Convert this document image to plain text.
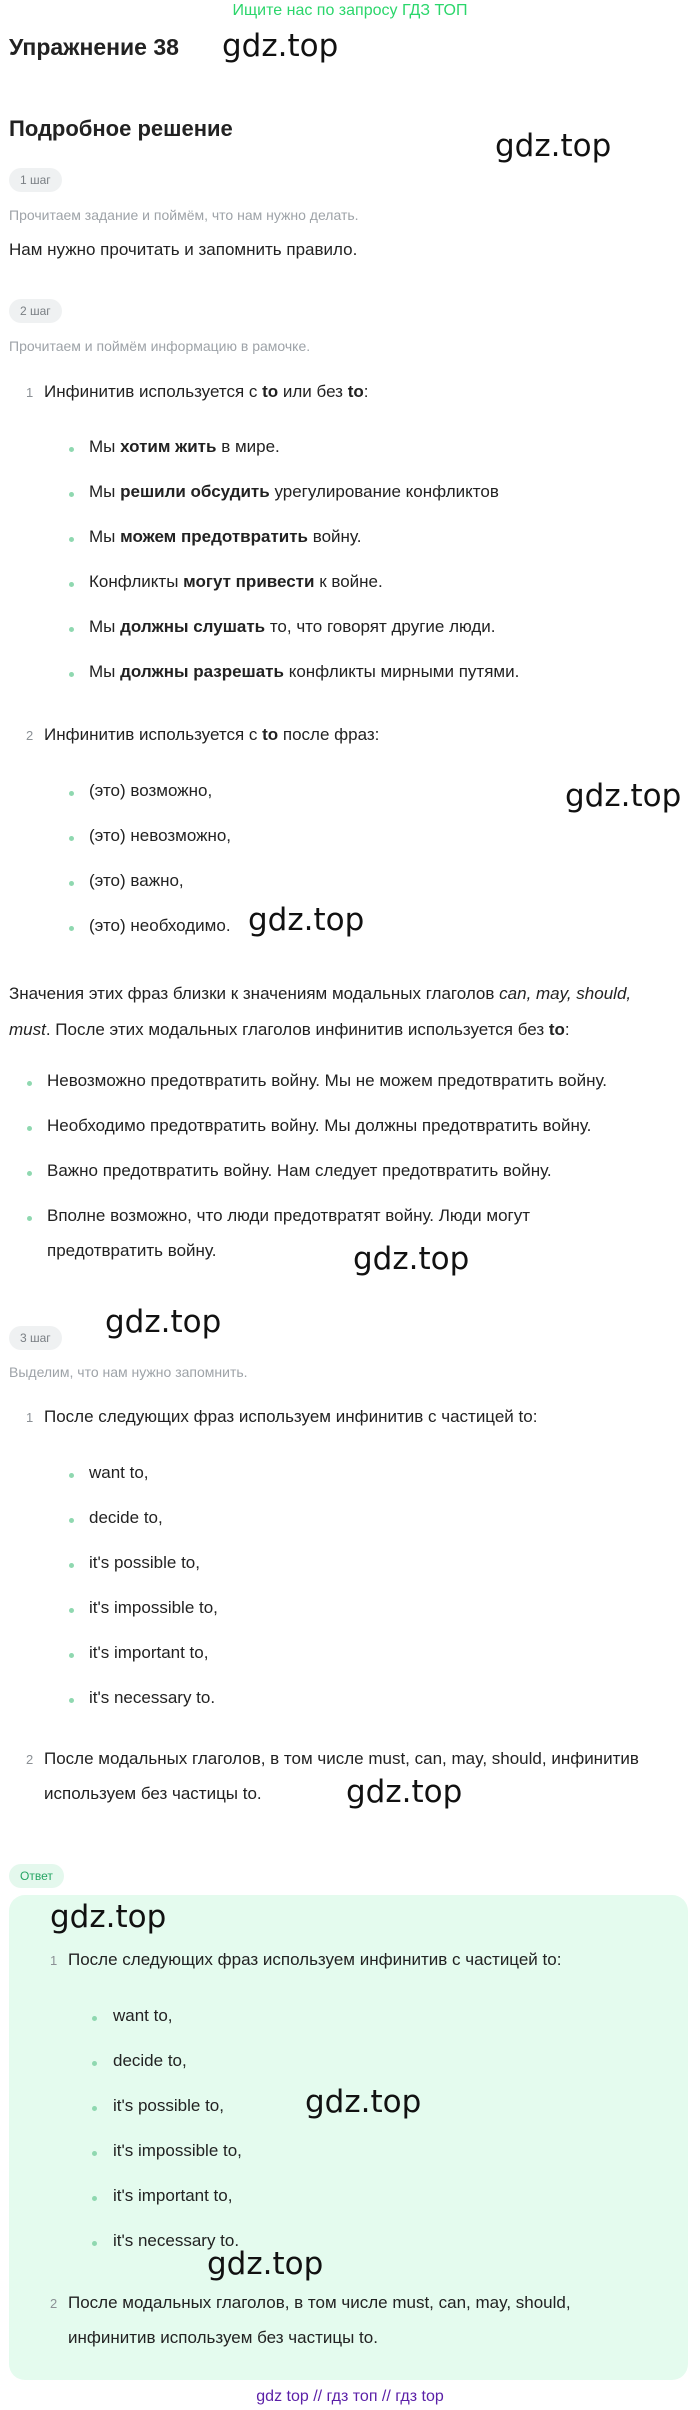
Ищите нас по запросу ГДЗ ТОП
Упражнение 38 gdz.top
Подробное решение	gdz.top
1 шаг
Прочитаем задание и поймём, что нам нужно делать.
Нам нужно прочитать и запомнить правило.
2 шаг
Прочитаем и поймём информацию в рамочке.
1 Инфинитив используется с to или без to:
Мы хотим жить в мире.
Мы решили обсудить урегулирование конфликтов
Мы можем предотвратить войну.
Конфликты могут привести к войне.
Мы должны слушать то, что говорят другие люди.
Мы должны разрешать конфликты мирными путями.
2 Инфинитив используется с to после фраз:
(это) возможно,	gdz.top
(это) невозможно,
(это) важно,
(это) необходимо. gdz.top
Значения этих фраз близки к значениям модальных глаголов can, may, should,
must. После этих модальных глаголов инфинитив используется без to:
Невозможно предотвратить войну. Мы не можем предотвратить войну.
Необходимо предотвратить войну. Мы должны предотвратить войну.
Важно предотвратить войну. Нам следует предотвратить войну.
Вполне возможно, что люди предотвратят войну. Люди могут
предотвратить войну.	gdz.top
gdz.top
3 шаг
Выделим, что нам нужно запомнить.
1 После следующих фраз используем инфинитив с частицей to:
want to,
decide to,
it's possible to,
it's impossible to,
it's important to,
it's necessary to.
2 После модальных глаголов, в том числе must, can, may, should, инфинитив
используем без частицы to.	gdz.top
Ответ
gdz.top
1 После следующих фраз используем инфинитив с частицей to:
want to,
decide to,
it's possible to,	gdz.top
it's impossible to,
it's important to,
it's necessary to.
gdz.top
2 После модальных глаголов, в том числе must, can, may, should,
инфинитив используем без частицы to.
gdz top // гдз топ // гдз top
